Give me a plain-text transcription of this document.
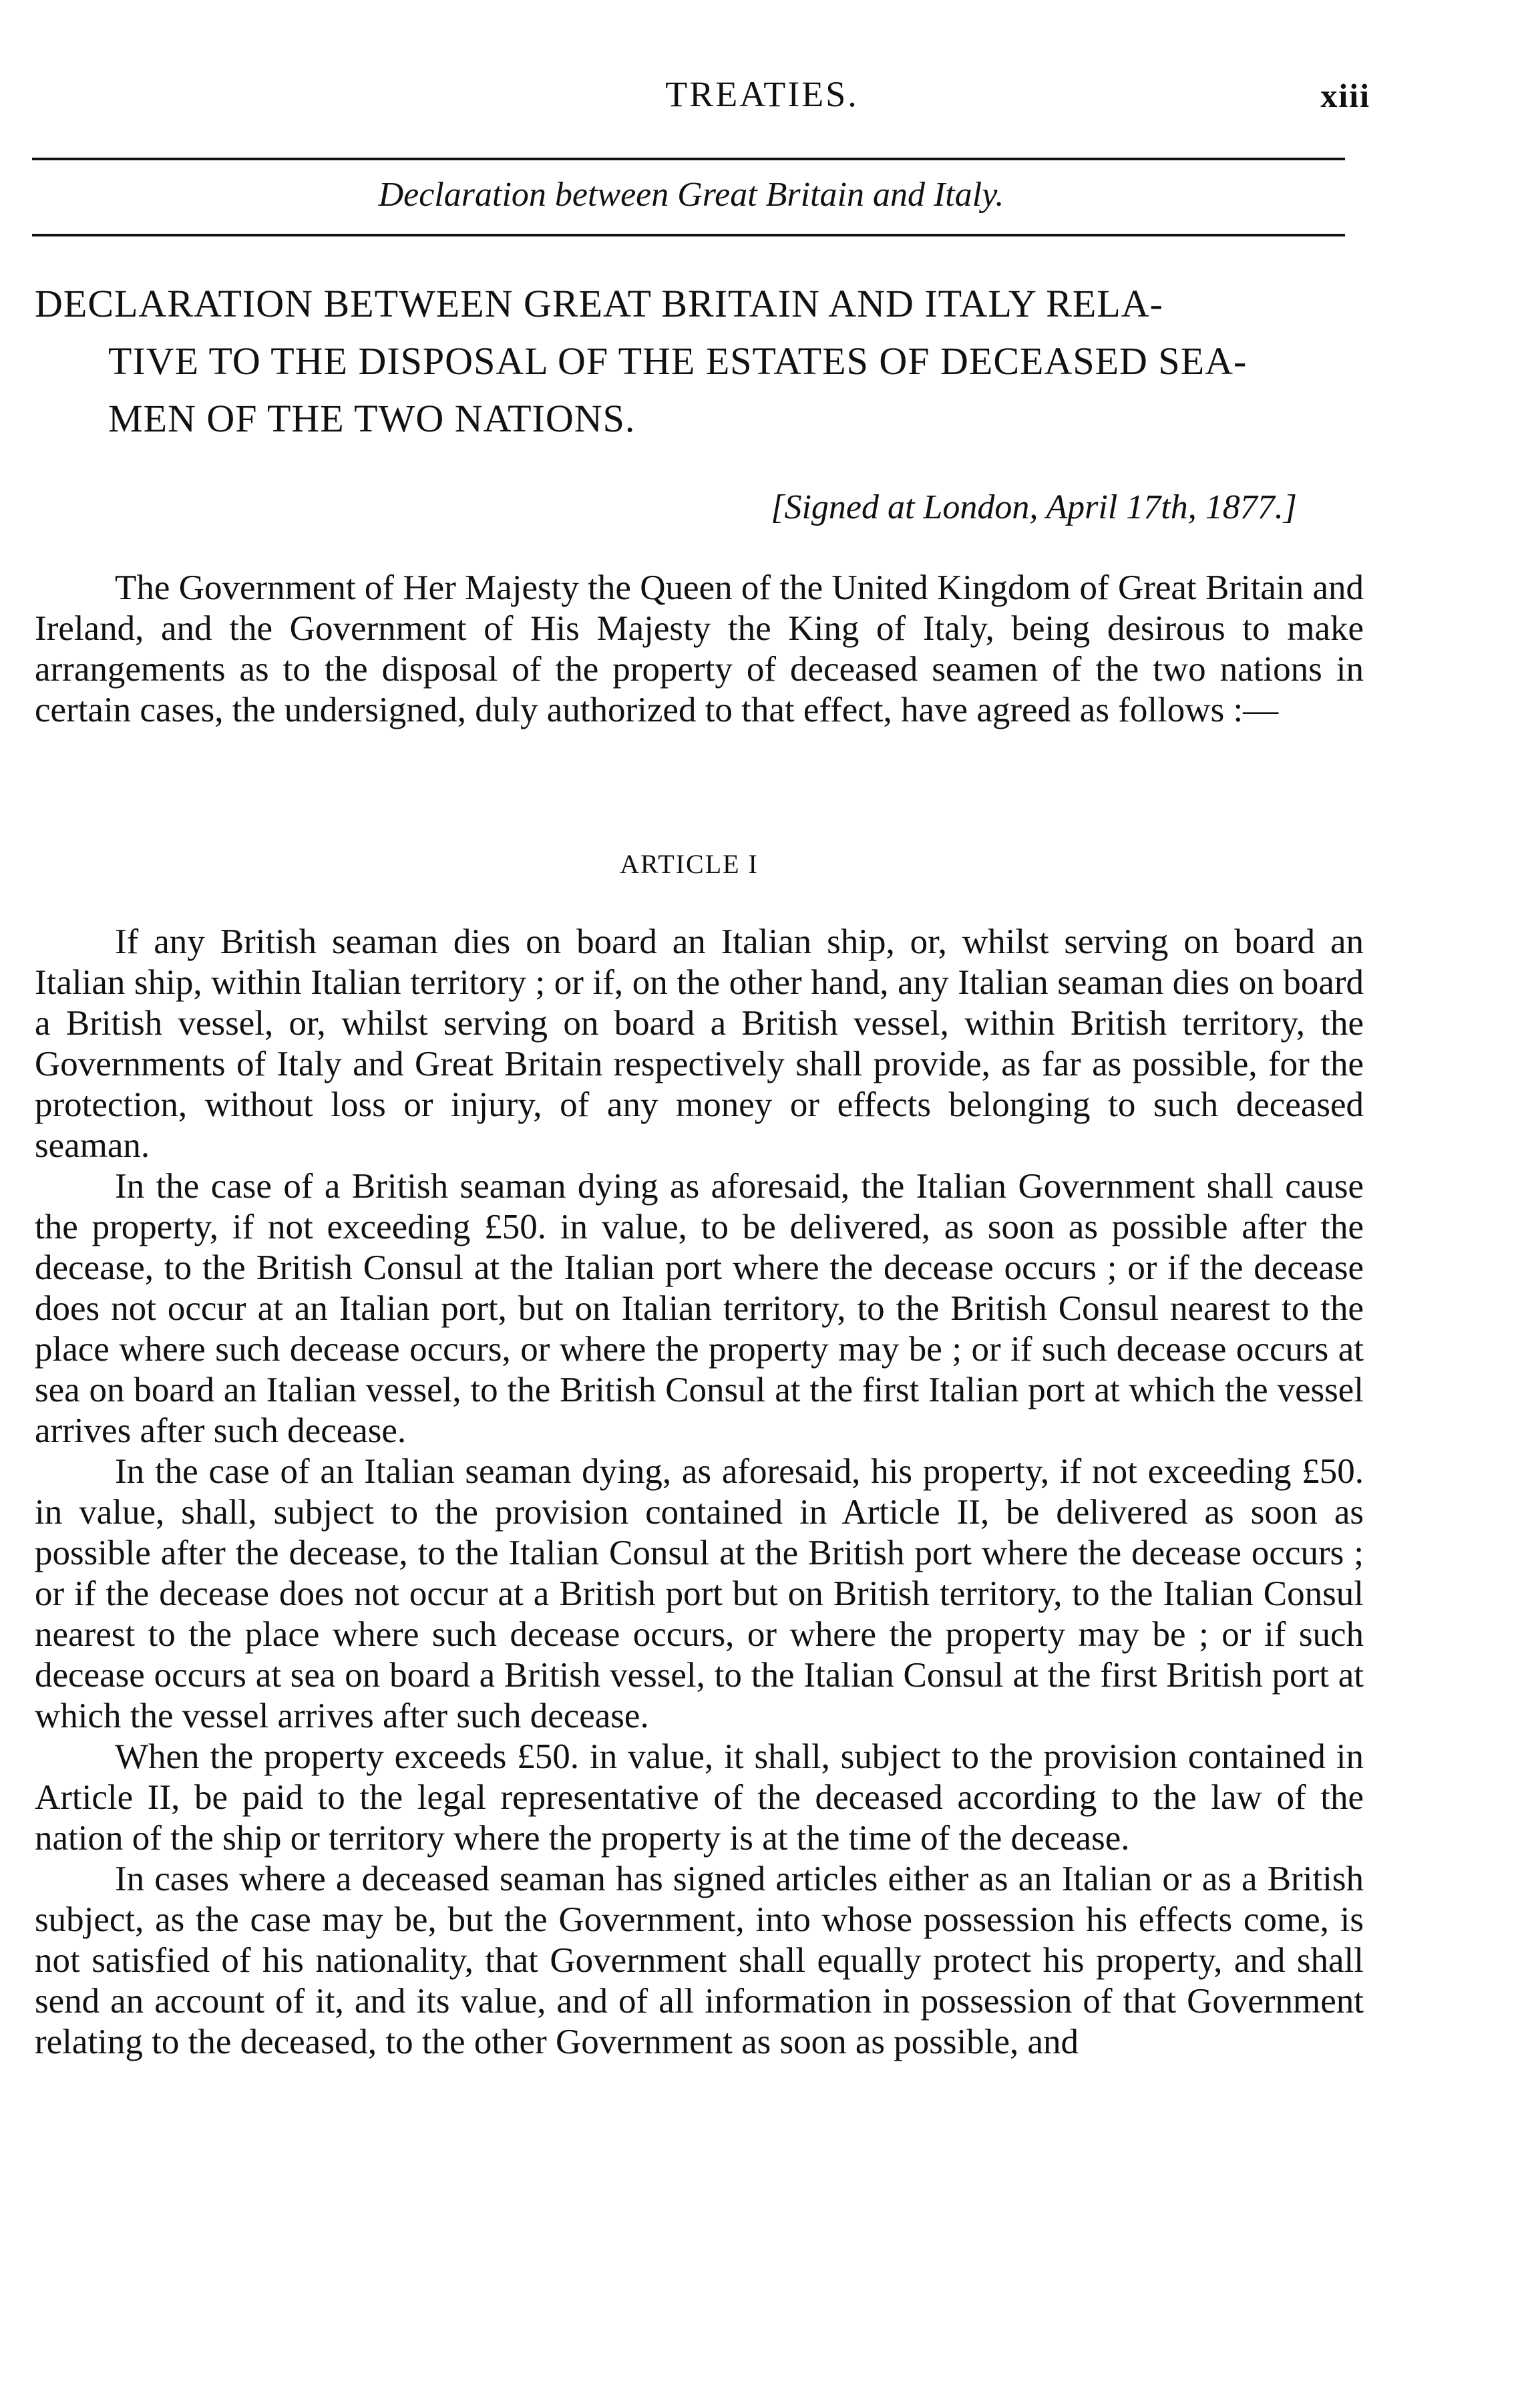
TREATIES.	xiii
Declaration between Great Britain and Italy.
DECLARATION BETWEEN GREAT BRITAIN AND ITALY RELA-
TIVE TO THE DISPOSAL OF THE ESTATES OF DECEASED SEA-
MEN OF THE TWO NATIONS.
[Signed at London, April 17th, 1877.]
The Government of Her Majesty the Queen of the United Kingdom of Great Britain and Ireland, and the Government of His Majesty the King of Italy, being desirous to make arrangements as to the disposal of the property of deceased seamen of the two nations in certain cases, the undersigned, duly authorized to that effect, have agreed as follows :—
ARTICLE I

If any British seaman dies on board an Italian ship, or, whilst serving on board an Italian ship, within Italian territory ; or if, on the other hand, any Italian seaman dies on board a British vessel, or, whilst serving on board a British vessel, within British territory, the Governments of Italy and Great Britain respectively shall provide, as far as possible, for the protection, without loss or injury, of any money or effects belonging to such deceased seaman.

In the case of a British seaman dying as aforesaid, the Italian Government shall cause the property, if not exceeding £50. in value, to be delivered, as soon as possible after the decease, to the British Consul at the Italian port where the decease occurs ; or if the decease does not occur at an Italian port, but on Italian territory, to the British Consul nearest to the place where such decease occurs, or where the property may be ; or if such decease occurs at sea on board an Italian vessel, to the British Consul at the first Italian port at which the vessel arrives after such decease.

In the case of an Italian seaman dying, as aforesaid, his property, if not exceeding £50. in value, shall, subject to the provision contained in Article II, be delivered as soon as possible after the decease, to the Italian Consul at the British port where the decease occurs ; or if the decease does not occur at a British port but on British territory, to the Italian Consul nearest to the place where such decease occurs, or where the property may be ; or if such decease occurs at sea on board a British vessel, to the Italian Consul at the first British port at which the vessel arrives after such decease.

When the property exceeds £50. in value, it shall, subject to the provision contained in Article II, be paid to the legal representative of the deceased according to the law of the nation of the ship or territory where the property is at the time of the decease.

In cases where a deceased seaman has signed articles either as an Italian or as a British subject, as the case may be, but the Government, into whose possession his effects come, is not satisfied of his nationality, that Government shall equally protect his property, and shall send an account of it, and its value, and of all information in possession of that Government relating to the deceased, to the other Government as soon as possible, and
